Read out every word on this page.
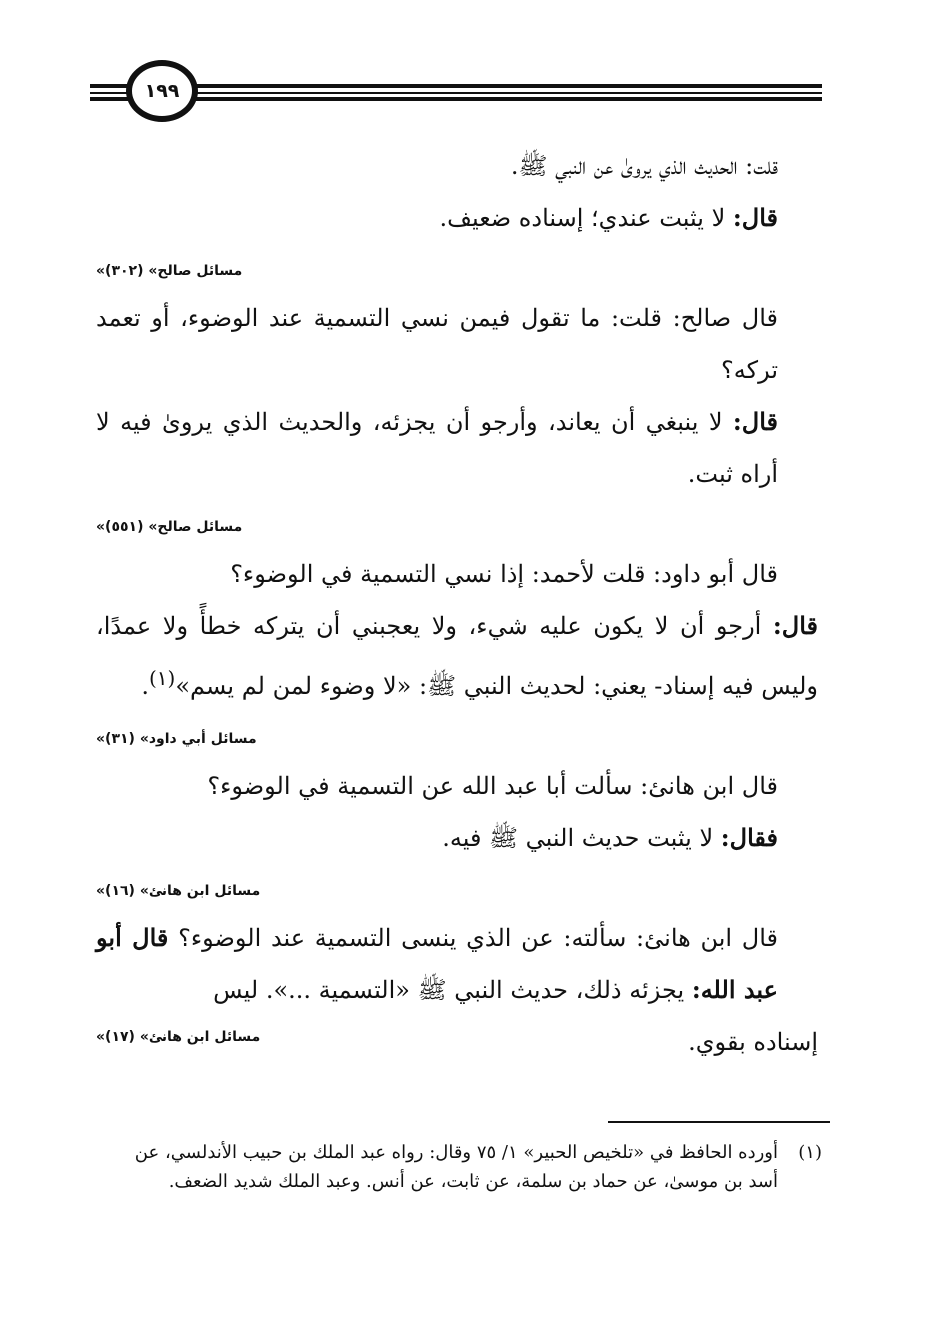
١٩٩
قلت: الحديث الذي يروىٰ عن النبي ﷺ.
قال: لا يثبت عندي؛ إسناده ضعيف.
«مسائل صالح» (٣٠٢)
قال صالح: قلت: ما تقول فيمن نسي التسمية عند الوضوء، أو تعمد تركه؟
قال: لا ينبغي أن يعاند، وأرجو أن يجزئه، والحديث الذي يروىٰ فيه لا أراه ثبت.
«مسائل صالح» (٥٥١)
قال أبو داود: قلت لأحمد: إذا نسي التسمية في الوضوء؟
قال: أرجو أن لا يكون عليه شيء، ولا يعجبني أن يتركه خطأً ولا عمدًا، وليس فيه إسناد- يعني: لحديث النبي ﷺ: «لا وضوء لمن لم يسم»$^{(١)}$.
«مسائل أبي داود» (٣١)
قال ابن هانئ: سألت أبا عبد الله عن التسمية في الوضوء؟
فقال: لا يثبت حديث النبي ﷺ فيه.
«مسائل ابن هانئ» (١٦)
قال ابن هانئ: سألته: عن الذي ينسى التسمية عند الوضوء؟ قال أبو عبد الله: يجزئه ذلك، حديث النبي ﷺ «التسمية ...». ليس
إسناده بقوي.
«مسائل ابن هانئ» (١٧)
(١)
أورده الحافظ في «تلخيص الحبير» ١/ ٧٥ وقال: رواه عبد الملك بن حبيب الأندلسي، عن أسد بن موسىٰ، عن حماد بن سلمة، عن ثابت، عن أنس. وعبد الملك شديد الضعف.
